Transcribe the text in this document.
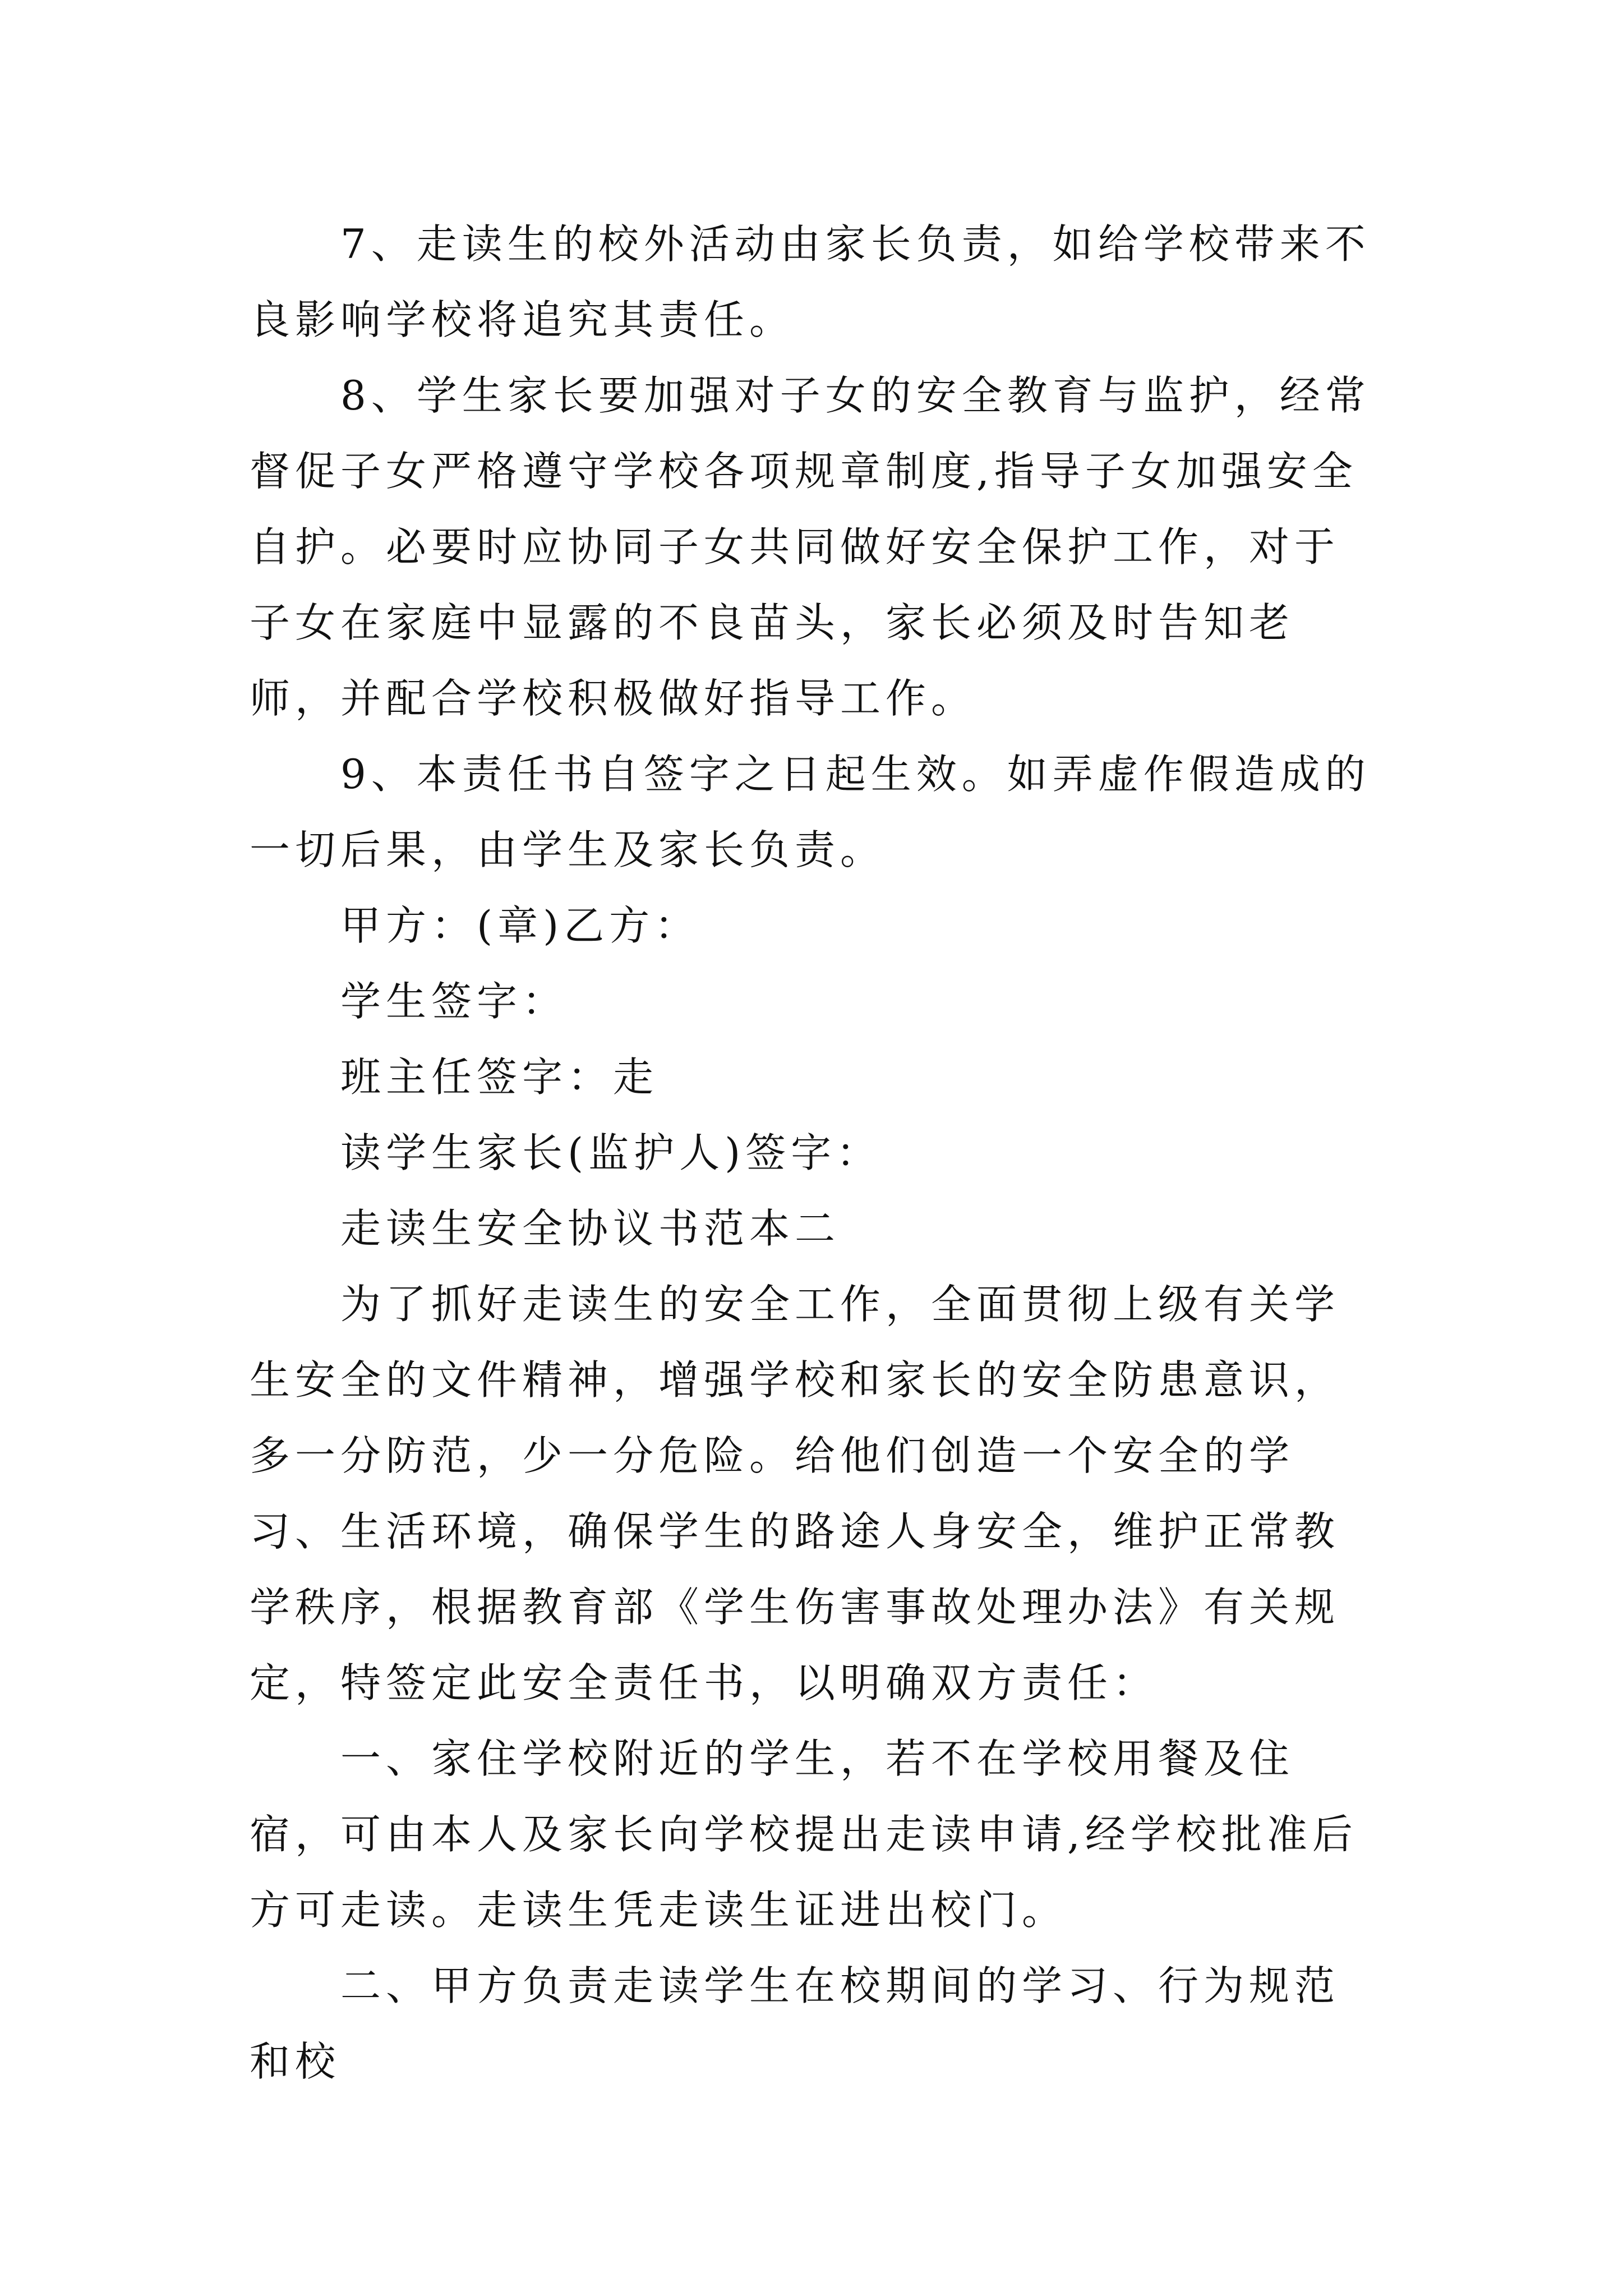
7、走读生的校外活动由家长负责，如给学校带来不良影响学校将追究其责任。

8、学生家长要加强对子女的安全教育与监护，经常督促子女严格遵守学校各项规章制度,指导子女加强安全自护。必要时应协同子女共同做好安全保护工作，对于子女在家庭中显露的不良苗头，家长必须及时告知老师，并配合学校积极做好指导工作。

9、本责任书自签字之日起生效。如弄虚作假造成的一切后果，由学生及家长负责。

甲方：(章)乙方：

学生签字：

班主任签字：走

读学生家长(监护人)签字：

走读生安全协议书范本二

为了抓好走读生的安全工作，全面贯彻上级有关学生安全的文件精神，增强学校和家长的安全防患意识，多一分防范，少一分危险。给他们创造一个安全的学习、生活环境，确保学生的路途人身安全，维护正常教学秩序，根据教育部《学生伤害事故处理办法》有关规定，特签定此安全责任书，以明确双方责任：

一、家住学校附近的学生，若不在学校用餐及住宿，可由本人及家长向学校提出走读申请,经学校批准后方可走读。走读生凭走读生证进出校门。

二、甲方负责走读学生在校期间的学习、行为规范和校
